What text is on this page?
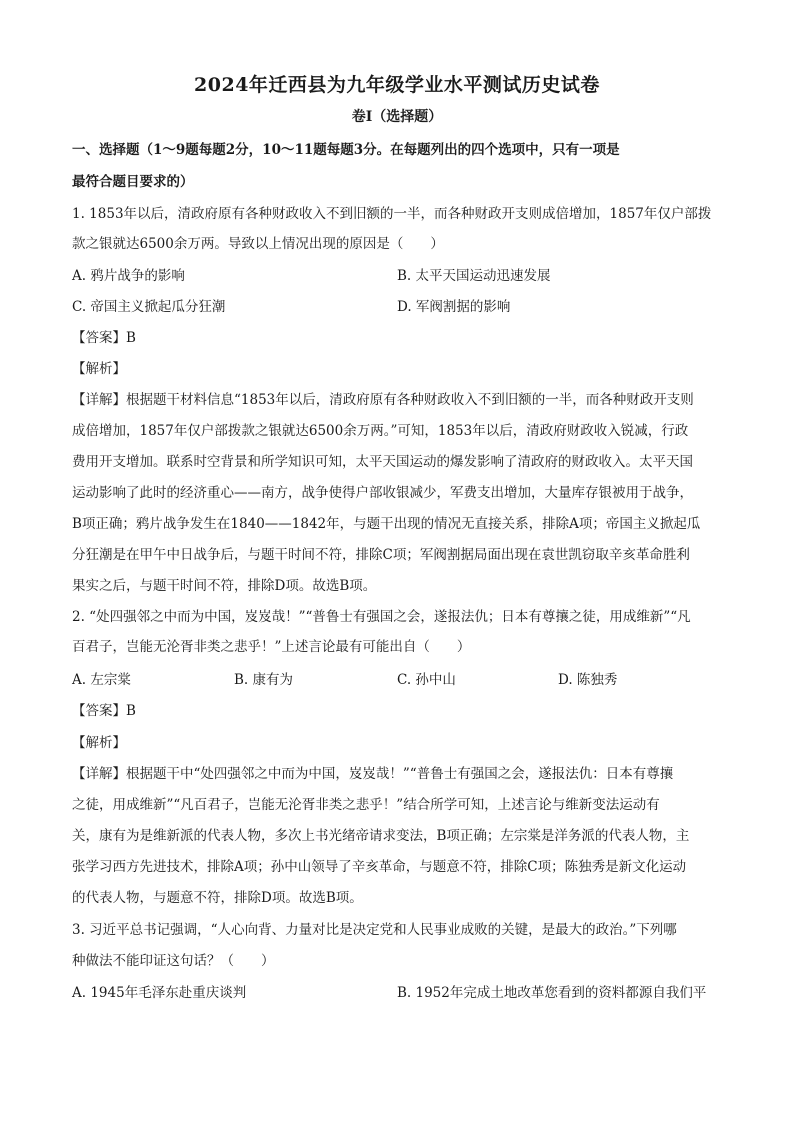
2024年迁西县为九年级学业水平测试历史试卷
卷Ⅰ（选择题）
一、选择题（1～9题每题2分，10～11题每题3分。在每题列出的四个选项中，只有一项是
最符合题目要求的）
1. 1853年以后，清政府原有各种财政收入不到旧额的一半，而各种财政开支则成倍增加，1857年仅户部拨
款之银就达6500余万两。导致以上情况出现的原因是（　　）
A. 鸦片战争的影响	B. 太平天国运动迅速发展
C. 帝国主义掀起瓜分狂潮	D. 军阀割据的影响
【答案】B
【解析】
【详解】根据题干材料信息“1853年以后，清政府原有各种财政收入不到旧额的一半，而各种财政开支则
成倍增加，1857年仅户部拨款之银就达6500余万两。”可知，1853年以后，清政府财政收入锐减，行政
费用开支增加。联系时空背景和所学知识可知，太平天国运动的爆发影响了清政府的财政收入。太平天国
运动影响了此时的经济重心——南方，战争使得户部收银减少，军费支出增加，大量库存银被用于战争，
B项正确；鸦片战争发生在1840——1842年，与题干出现的情况无直接关系，排除A项；帝国主义掀起瓜
分狂潮是在甲午中日战争后，与题干时间不符，排除C项；军阀割据局面出现在袁世凯窃取辛亥革命胜利
果实之后，与题干时间不符，排除D项。故选B项。
2. “处四强邻之中而为中国，岌岌哉！”“普鲁士有强国之会，遂报法仇；日本有尊攘之徒，用成维新”“凡
百君子，岂能无沦胥非类之悲乎！”上述言论最有可能出自（　　）
A. 左宗棠	B. 康有为	C. 孙中山	D. 陈独秀
【答案】B
【解析】
【详解】根据题干中“处四强邻之中而为中国，岌岌哉！”“普鲁士有强国之会，遂报法仇：日本有尊攘
之徒，用成维新”“凡百君子，岂能无沦胥非类之悲乎！”结合所学可知，上述言论与维新变法运动有
关，康有为是维新派的代表人物，多次上书光绪帝请求变法，B项正确；左宗棠是洋务派的代表人物，主
张学习西方先进技术，排除A项；孙中山领导了辛亥革命，与题意不符，排除C项；陈独秀是新文化运动
的代表人物，与题意不符，排除D项。故选B项。
3. 习近平总书记强调，“人心向背、力量对比是决定党和人民事业成败的关键，是最大的政治。”下列哪
种做法不能印证这句话？（　　）
A. 1945年毛泽东赴重庆谈判	B. 1952年完成土地改革您看到的资料都源自我们平
